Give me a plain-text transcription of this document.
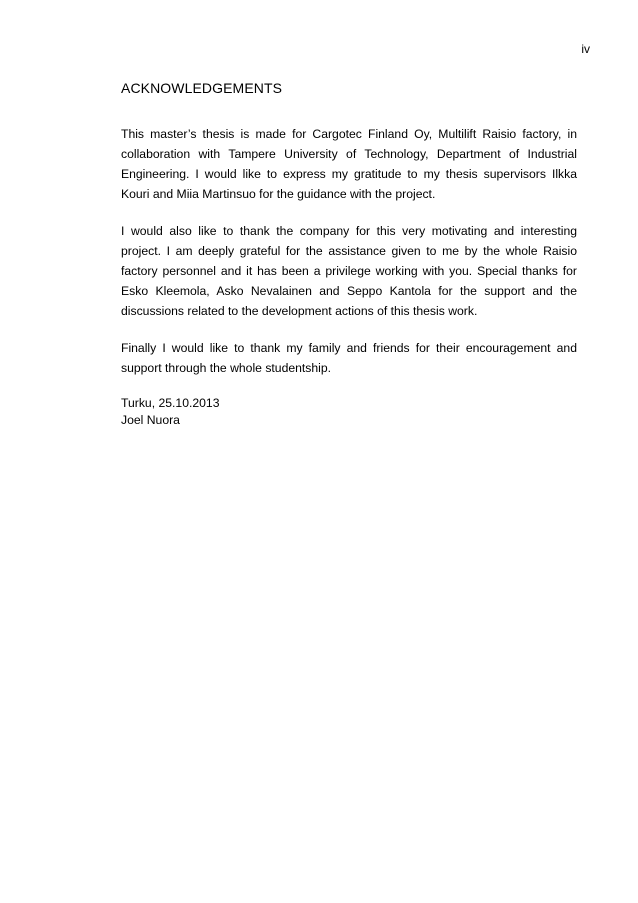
iv
ACKNOWLEDGEMENTS

This master’s thesis is made for Cargotec Finland Oy, Multilift Raisio factory, in collaboration with Tampere University of Technology, Department of Industrial Engineering. I would like to express my gratitude to my thesis supervisors Ilkka Kouri and Miia Martinsuo for the guidance with the project.

I would also like to thank the company for this very motivating and interesting project. I am deeply grateful for the assistance given to me by the whole Raisio factory personnel and it has been a privilege working with you. Special thanks for Esko Kleemola, Asko Nevalainen and Seppo Kantola for the support and the discussions related to the development actions of this thesis work.

Finally I would like to thank my family and friends for their encouragement and support through the whole studentship.

Turku, 25.10.2013

Joel Nuora
